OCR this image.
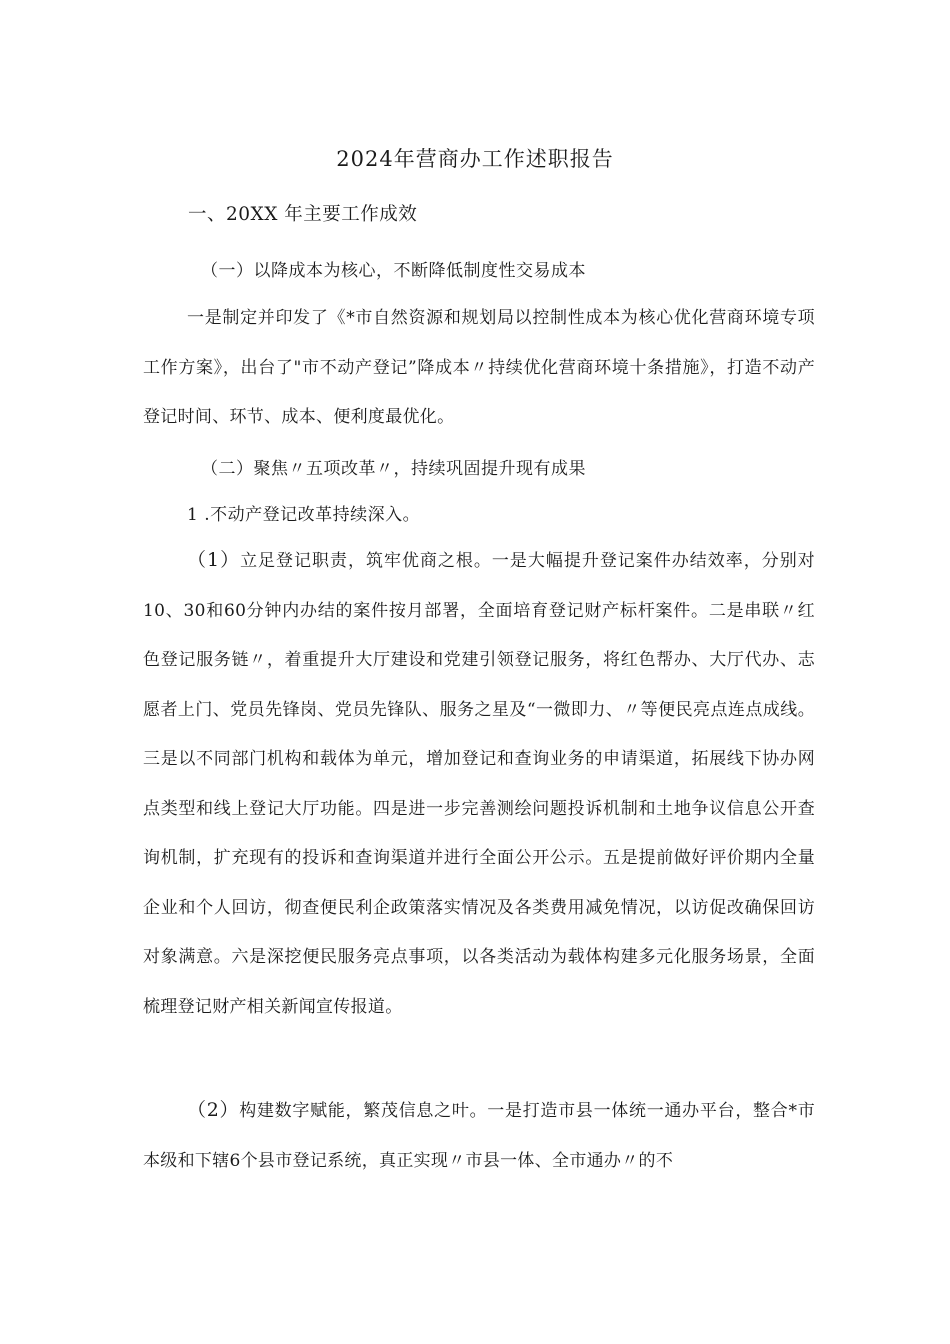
2024年营商办工作述职报告
一、20XX 年主要工作成效
（一）以降成本为核心，不断降低制度性交易成本
一是制定并印发了《*市自然资源和规划局以控制性成本为核心优化营商环境专项工作方案》，出台了"市不动产登记”降成本〃持续优化营商环境十条措施》，打造不动产登记时间、环节、成本、便利度最优化。
（二）聚焦〃五项改革〃，持续巩固提升现有成果
1 .不动产登记改革持续深入。
（1）立足登记职责，筑牢优商之根。一是大幅提升登记案件办结效率，分别对10、30和60分钟内办结的案件按月部署，全面培育登记财产标杆案件。二是串联〃红色登记服务链〃，着重提升大厅建设和党建引领登记服务，将红色帮办、大厅代办、志愿者上门、党员先锋岗、党员先锋队、服务之星及“一微即力、〃等便民亮点连点成线。三是以不同部门机构和载体为单元，增加登记和查询业务的申请渠道，拓展线下协办网点类型和线上登记大厅功能。四是进一步完善测绘问题投诉机制和土地争议信息公开查询机制，扩充现有的投诉和查询渠道并进行全面公开公示。五是提前做好评价期内全量企业和个人回访，彻查便民利企政策落实情况及各类费用减免情况，以访促改确保回访对象满意。六是深挖便民服务亮点事项，以各类活动为载体构建多元化服务场景，全面梳理登记财产相关新闻宣传报道。
（2）构建数字赋能，繁茂信息之叶。一是打造市县一体统一通办平台，整合*市本级和下辖6个县市登记系统，真正实现〃市县一体、全市通办〃的不
